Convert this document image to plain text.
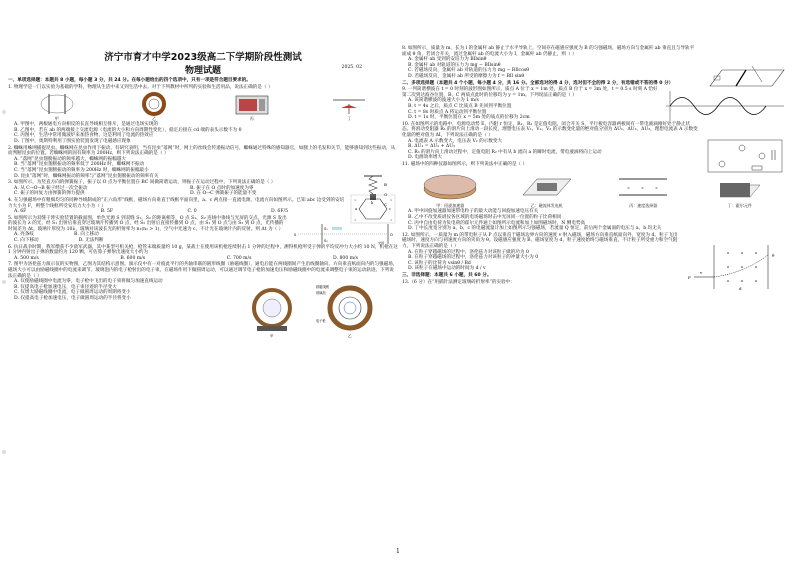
济宁市育才中学2023级高二下学期阶段性测试
物理试题	2025. 02
一、单项选择题：本题共 8 小题，每小题 3 分，共 24 分。在每小题给出的四个选项中，只有一项是符合题目要求的。
1. 物理学是一门以实验为基础的学科，物理从生活中来又到生活中去。对于下列教材中所列的实验和生活用品，说法正确的是（ ）
甲	乙	丙	丁
A. 甲图中，两根通电方向相反的长直导线相互排斥，是通过电场实现的
B. 乙图中，若在 ab 的两端接上交流电源（电流的大小和方向周期性变化），稳定后接在 cd 端的表头示数不为 0
C. 丙图中，生活中常用微波炉来加热食物，这是利用了电流的热效应
D. 丁图中，奥斯特利用丁图实验装置发现了电磁感应现象
2. 蜘蛛用蛛网捕捉昆虫。蜘蛛网在昆虫作用下振动，有研究表明，当有昆虫“落网”时，网上的丝线会传递振动信号，蜘蛛通过特殊的感知器官，如腿上的毛发和关节，能够感知到这些振动，从而判断昆虫的位置。若蜘蛛网的固有频率为 200Hz，则下列说法正确的是（ ）
A. “落网”昆虫翅膀振动的频率越大，蜘蛛网的振幅越大
B. 当“落网”昆虫翅膀振动的频率低于 200Hz 时，蜘蛛网不振动
C. 当“落网”昆虫翅膀振动的频率为 200Hz 时，蜘蛛网的振幅最小
D. 昆虫“落网”时，蜘蛛网振动的频率与“落网”昆虫翅膀振动的频率有关
3. 如图所示，为竖直方向的弹簧振子，振子以 O 点为平衡位置在 BC 间做简谐运动，则振子在运动过程中，下列说法正确的是（ ）
A. 从 C→O→B 振子经过一次全振动	B. 振子在 O 点时的加速度为零
C. 振子的回复力由弹簧的弹力提供	D. 在 O→C 弹簧振子的能量不变
B
O
C
4. 在匀强磁场中有粗细均匀的同种导线制成的“正六角形”线框，磁场方向垂直于线框平面向里，a、c 两点接一直流电源，电流方向如图所示。已知 abc 边受到的安培力大小为 F，则整个线框所受安培力大小为（ ）
A. 6F	B. 5F	C. 0	D. 6F/5
×	×
×	×
a
b
c
5. 如图所示为双缝干涉实验装置的截面图，单色光源 S 到双缝 S₁、S₂ 的距离相等，O 点 S₁、S₂ 连线中垂线与光屏的交点。光源 S 发出的波长为 λ 的光，经 S₁ 出射后垂直穿过玻璃片传播到 O 点，经 S₂ 出射后直接传播到 O 点，由 S₁ 到 O 点与由 S₂ 到 O 点，光传播的时间差为 Δt。玻璃片厚度为 10λ，玻璃对该波长光的折射率为 n₁(n₁ > 1)，空气中光速为 c，不计光在玻璃片内的反射。则 Δt 为（ ）
A. 亮条纹	B. 向上移动
C. 向下移动	D. 无法判断
S
S₁
S₂
O
光屏
6. 抗日战争时期，我军缴获不少敌军武器，其中某型号机关枪，枪管末端质量约 10 g，某战士在使用该机枪连续射击 1 分钟的过程中，测得机枪所受子弹的平均反冲力大小约 10 N，机枪在这 1 分钟内射出子弹的数量约为 120 颗，可估算子弹射出速度大小约为
A. 500 m/s	B. 600 m/s	C. 700 m/s	D. 800 m/s
7. 图甲为洛伦兹力演示仪的实物图，乙图为其结构示意图。演示仪中有一对彼此平行的共轴串联的圆形线圈（励磁线圈），通电后能在两线圈间产生沿线圈轴向、方向垂直纸面向内的匀强磁场，磁场大小可以由励磁线圈中的电流来调节。玻璃泡内的电子枪射出的电子束，在磁场作用下做圆周运动，可以通过调节电子枪的加速电压和励磁线圈中的电流来调整电子束的运动轨迹。下列说法正确的是（ ）
A. 仅使励磁线圈中电流为零，电子枪中飞出的电子束将做匀加速直线运动
B. 仅提高电子枪加速电压，电子束径迹的半径变大
C. 仅增大励磁线圈中电流，电子做圆周运动的周期将变小
D. 仅提高电子枪加速电压，电子做圆周运动的半径将变小
励磁线圈
玻璃泡
电子枪
甲	乙
8. 如图所示，质量为 m、长为 l 的金属杆 ab 静止于水平导轨上，空间存在磁感应强度为 B 的匀强磁场，磁场方向与金属杆 ab 垂直且与导轨平面成 θ 角，若闭合开关，流过金属杆 ab 的电流大小为 I，金属杆 ab 仍静止，则（ ）
A. 金属杆 ab 受到的安培力为 BIlsinθ
B. 金属杆 ab 对轨道的压力为 mg − BIlsinθ
C. 若磁场反向，金属杆 ab 对轨道的压力为 mg − BIlcosθ
D. 若磁场反向，金属杆 ab 所受的摩擦力为 f = BIl sinθ
二、多项选择题（本题共 4 个小题，每小题 4 分，共 16 分。全部选对的得 4 分，选对但不全的得 2 分，有选错或不答的得 0 分）
9. 一列简谐横波在 t = 0 时刻的波形图如图所示，质点 A 位于 x = 1m 处，质点 B 位于 x = 3m 处，t = 0.5 s 时刻 A 恰好第二次到达波谷位置，B、C 两质点此时的位移均为 y = 1m。下列说法正确的是（ ）
A. 该简谐横波的波速大小为 1 m/s
B. t = 4s 之后，质点 C 比质点 B 先回到平衡位置
C. t = 8s 时质点 A 将运动到平衡位置
D. t = 1s 时，平衡位置在 x = 5m 处的质点的位移为 2cm
10. 在如图所示的电路中，电源电动势 E，内阻 r 恒定，R₁、R₂ 是定值电阻，闭合开关 S，平行板电容器两板间有一带电液滴刚好处于静止状态。将滑动变阻器 R₃ 的滑片向上滑动一段长度，理想电压表 V₁、V₂、V₃ 的示数变化量的绝对值分别为 ΔU₁、ΔU₂、ΔU₃，理想电流表 A 示数变化量的绝对值为 ΔI，下列说法正确的是（ ）
A. 电流表 A 示数变大，电压表 V₂ 的示数变大
B. ΔU₁ = ΔU₂ + ΔU₃
C. R₃ 的滑片向上滑动过程中，定值电阻 R₂ 中有从 b 流向 a 的瞬时电流，带电液滴将向上运动
D. 电源效率增大
11. 磁场中的四种仪器如图所示，则下列说法中正确的是（ ）
甲：回旋加速器	乙：磁流体发电机
×	×	×
丙：速度选择器	丁：霍尔元件
A. 甲中回旋加速器加速带电粒子的最大动能与回旋加速电压有关
B. 乙中不改变质谱仪各区域的电场磁场时击中光屏同一位置的粒子比荷相同
C. 丙中自由电荷为负电荷的霍尔元件通上如图所示电流和加上如图磁场时，N 侧电势高
D. 丁中长度宽分别为 a、b，c 的电磁流量计加上如图所示匀强磁场，若流量 Q 恒定，前后两个金属面的电压与 a、b 均无关
12. 如图所示，一质量为 m 的带电粒子从 P 点以垂直于磁场边界方向的速度 v 射入磁场，磁场方向垂直纸面向外，宽度为 d。粒子飞出磁场时，速度方向与初速度方向的夹角为 θ。设磁感应强度为 B，磁场宽度为 d，粒子速度始终与磁场垂直，不计粒子所受重力和空气阻力。下列说法正确的是（ ）
A. 在粒子穿越磁场的过程中，洛伦兹力对该粒子做的功为 0
B. 在粒子穿越磁场的过程中，洛伦兹力对该粒子的冲量大小为 0
C. 该粒子的比荷为 vsinθ / Bd
D. 该粒子在磁场中运动的时间为 d / v
P
v
θ
d
三、非选择题：本题共 6 小题，共 60 分。
13.（6 分）在“用插针法测定玻璃砖折射率”的实验中：
1
